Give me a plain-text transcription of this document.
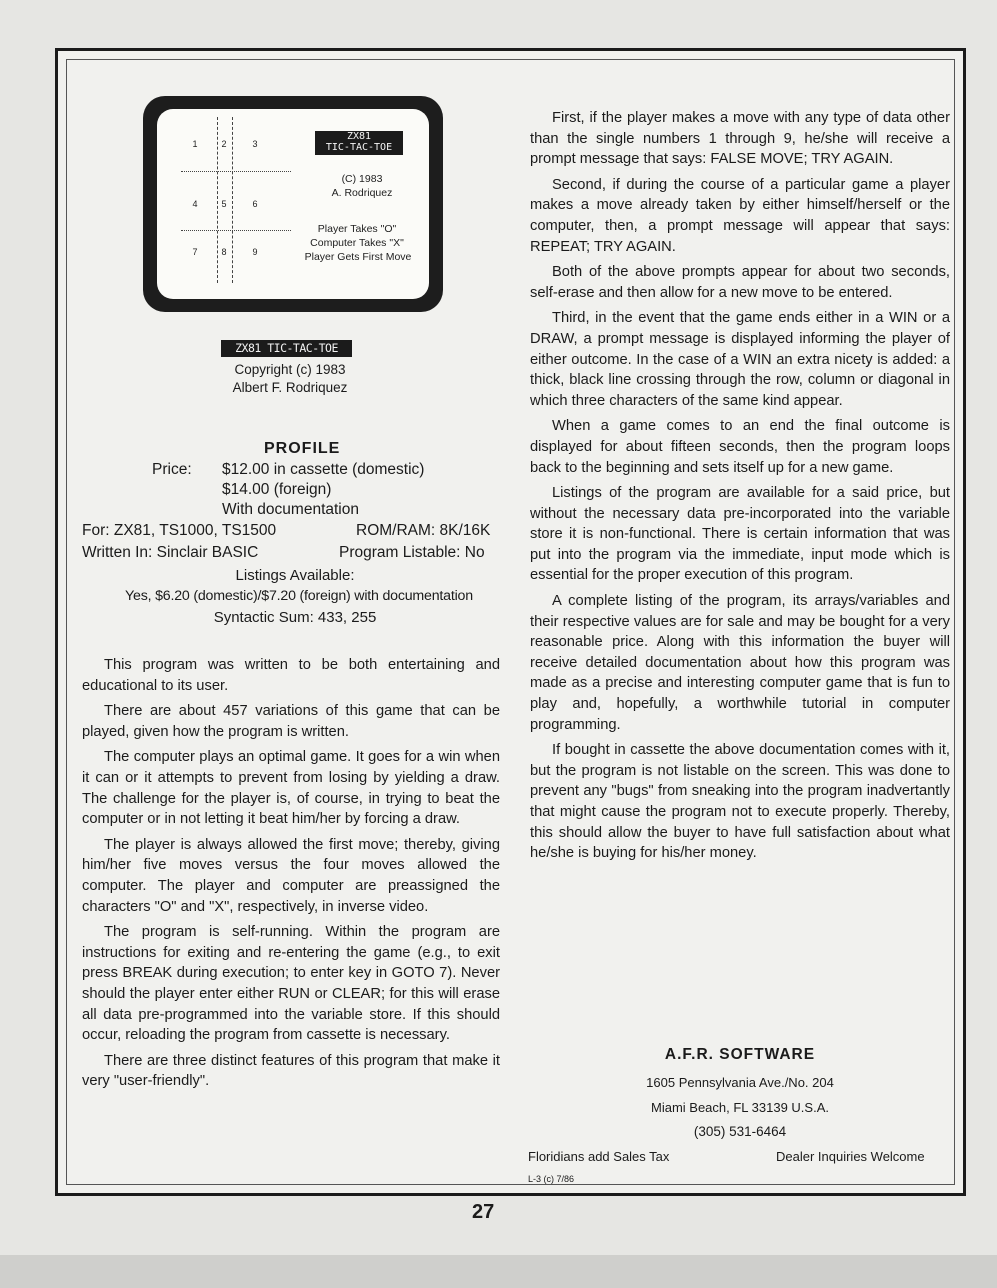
1	2	3
4	5	6
7	8	9
ZX81
TIC-TAC-TOE
(C) 1983
A. Rodriquez
Player Takes "O"
Computer Takes "X"
Player Gets First Move
ZX81 TIC-TAC-TOE
Copyright (c) 1983
Albert F. Rodriquez
PROFILE
Price: $12.00 in cassette (domestic)
$14.00 (foreign)
With documentation
For: ZX81, TS1000, TS1500	ROM/RAM: 8K/16K
Written In: Sinclair BASIC	Program Listable: No
Listings Available:
Yes, $6.20 (domestic)/$7.20 (foreign) with documentation
Syntactic Sum: 433, 255

This program was written to be both entertaining and educational to its user.

There are about 457 variations of this game that can be played, given how the program is written.

The computer plays an optimal game. It goes for a win when it can or it attempts to prevent from losing by yielding a draw. The challenge for the player is, of course, in trying to beat the computer or in not letting it beat him/her by forcing a draw.

The player is always allowed the first move; thereby, giving him/her five moves versus the four moves allowed the computer. The player and computer are preassigned the characters "O" and "X", respectively, in inverse video.

The program is self-running. Within the program are instructions for exiting and re-entering the game (e.g., to exit press BREAK during execution; to enter key in GOTO 7). Never should the player enter either RUN or CLEAR; for this will erase all data pre-programmed into the variable store. If this should occur, reloading the program from cassette is necessary.

There are three distinct features of this program that make it very "user-friendly".

First, if the player makes a move with any type of data other than the single numbers 1 through 9, he/she will receive a prompt message that says: FALSE MOVE; TRY AGAIN.

Second, if during the course of a particular game a player makes a move already taken by either himself/herself or the computer, then, a prompt message will appear that says: REPEAT; TRY AGAIN.

Both of the above prompts appear for about two seconds, self-erase and then allow for a new move to be entered.

Third, in the event that the game ends either in a WIN or a DRAW, a prompt message is displayed informing the player of either outcome. In the case of a WIN an extra nicety is added: a thick, black line crossing through the row, column or diagonal in which three characters of the same kind appear.

When a game comes to an end the final outcome is displayed for about fifteen seconds, then the program loops back to the beginning and sets itself up for a new game.

Listings of the program are available for a said price, but without the necessary data pre-incorporated into the variable store it is non-functional. There is certain information that was put into the program via the immediate, input mode which is essential for the proper execution of this program.

A complete listing of the program, its arrays/variables and their respective values are for sale and may be bought for a very reasonable price. Along with this information the buyer will receive detailed documentation about how this program was made as a precise and interesting computer game that is fun to play and, hopefully, a worthwhile tutorial in computer programming.

If bought in cassette the above documentation comes with it, but the program is not listable on the screen. This was done to prevent any "bugs" from sneaking into the program inadvertantly that might cause the program not to execute properly. Thereby, this should allow the buyer to have full satisfaction about what he/she is buying for his/her money.

A.F.R. SOFTWARE
1605 Pennsylvania Ave./No. 204
Miami Beach, FL 33139 U.S.A.
(305) 531-6464
Floridians add Sales Tax	Dealer Inquiries Welcome
L-3 (c) 7/86
27
